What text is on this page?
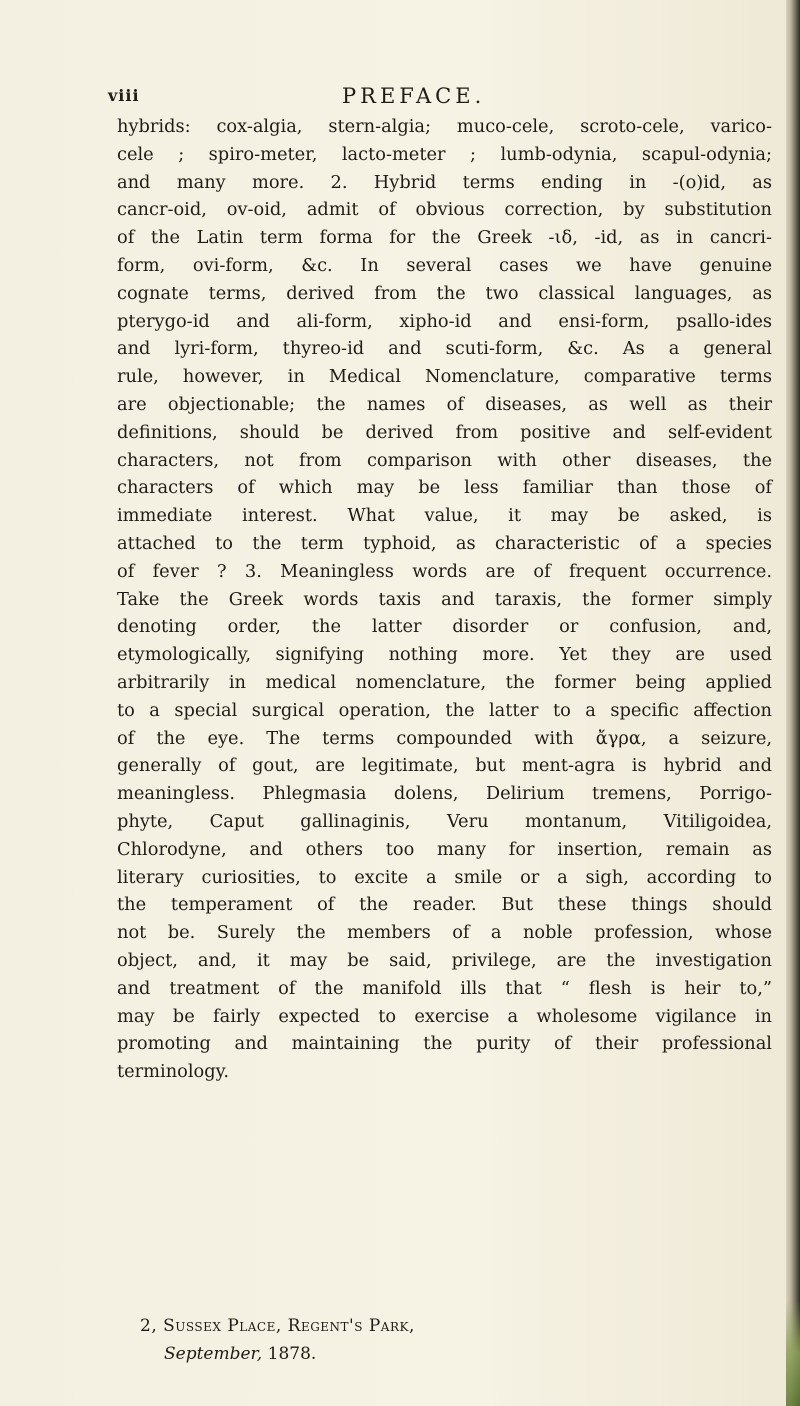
viii	PREFACE.
hybrids: cox-algia, stern-algia; muco-cele, scroto-cele, varico-
cele ; spiro-meter, lacto-meter ; lumb-odynia, scapul-odynia;
and many more. 2. Hybrid terms ending in -(o)id, as
cancr-oid, ov-oid, admit of obvious correction, by substitution
of the Latin term forma for the Greek -ιδ, -id, as in cancri-
form, ovi-form, &c. In several cases we have genuine
cognate terms, derived from the two classical languages, as
pterygo-id and ali-form, xipho-id and ensi-form, psallo-ides
and lyri-form, thyreo-id and scuti-form, &c. As a general
rule, however, in Medical Nomenclature, comparative terms
are objectionable; the names of diseases, as well as their
definitions, should be derived from positive and self-evident
characters, not from comparison with other diseases, the
characters of which may be less familiar than those of
immediate interest. What value, it may be asked, is
attached to the term typhoid, as characteristic of a species
of fever ? 3. Meaningless words are of frequent occurrence.
Take the Greek words taxis and taraxis, the former simply
denoting order, the latter disorder or confusion, and,
etymologically, signifying nothing more. Yet they are used
arbitrarily in medical nomenclature, the former being applied
to a special surgical operation, the latter to a specific affection
of the eye. The terms compounded with ἄγρα, a seizure,
generally of gout, are legitimate, but ment-agra is hybrid and
meaningless. Phlegmasia dolens, Delirium tremens, Porrigo-
phyte, Caput gallinaginis, Veru montanum, Vitiligoidea,
Chlorodyne, and others too many for insertion, remain as
literary curiosities, to excite a smile or a sigh, according to
the temperament of the reader. But these things should
not be. Surely the members of a noble profession, whose
object, and, it may be said, privilege, are the investigation
and treatment of the manifold ills that “ flesh is heir to,”
may be fairly expected to exercise a wholesome vigilance in
promoting and maintaining the purity of their professional
terminology.
2, Sussex Place, Regent's Park,
September, 1878.
